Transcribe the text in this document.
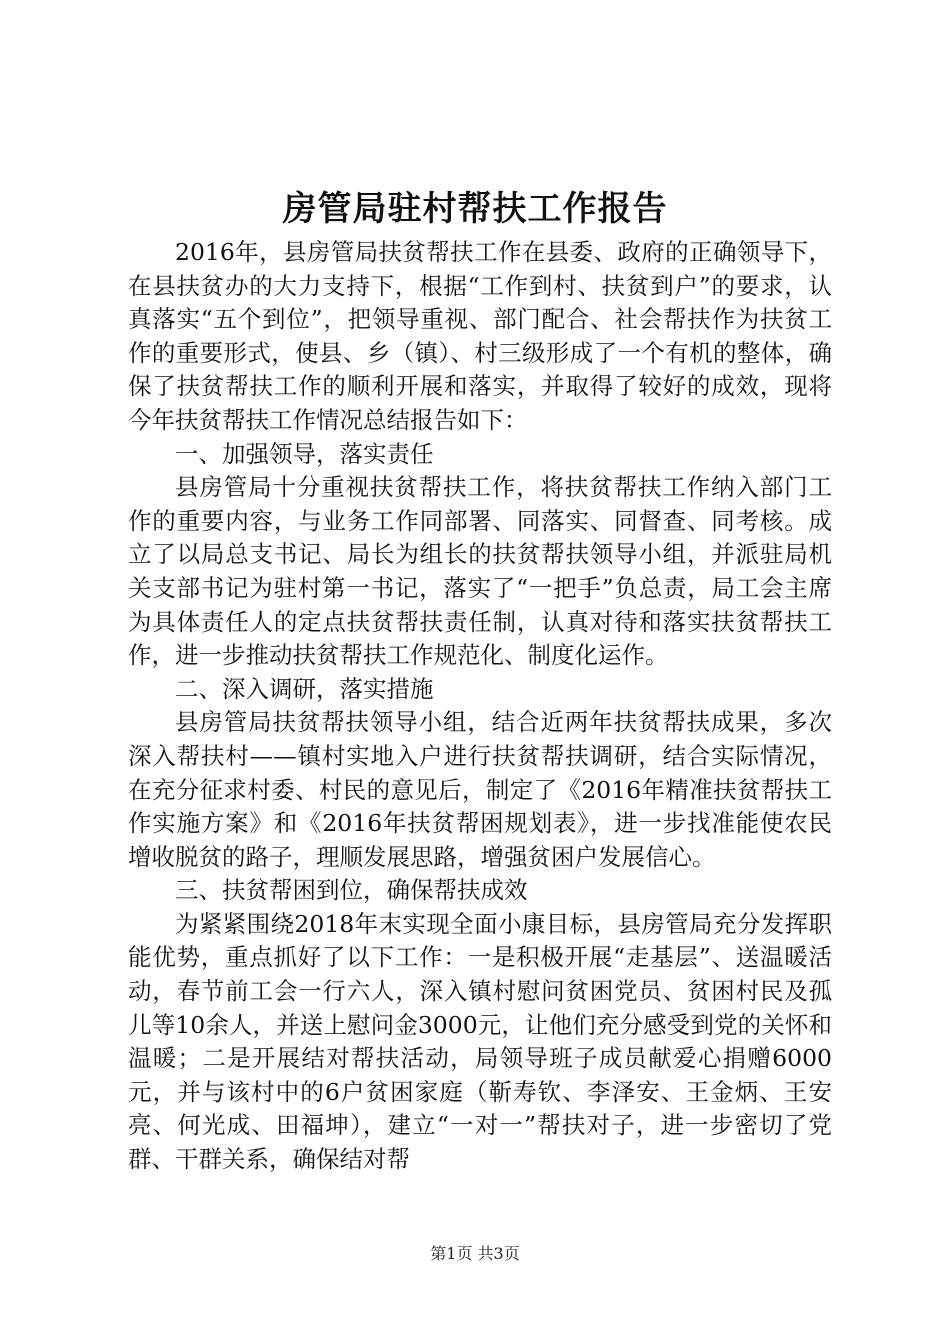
房管局驻村帮扶工作报告

2016年，县房管局扶贫帮扶工作在县委、政府的正确领导下，在县扶贫办的大力支持下，根据“工作到村、扶贫到户”的要求，认真落实“五个到位”，把领导重视、部门配合、社会帮扶作为扶贫工作的重要形式，使县、乡（镇）、村三级形成了一个有机的整体，确保了扶贫帮扶工作的顺利开展和落实，并取得了较好的成效，现将今年扶贫帮扶工作情况总结报告如下：

一、加强领导，落实责任

县房管局十分重视扶贫帮扶工作，将扶贫帮扶工作纳入部门工作的重要内容，与业务工作同部署、同落实、同督查、同考核。成立了以局总支书记、局长为组长的扶贫帮扶领导小组，并派驻局机关支部书记为驻村第一书记，落实了“一把手”负总责，局工会主席为具体责任人的定点扶贫帮扶责任制，认真对待和落实扶贫帮扶工作，进一步推动扶贫帮扶工作规范化、制度化运作。

二、深入调研，落实措施

县房管局扶贫帮扶领导小组，结合近两年扶贫帮扶成果，多次深入帮扶村——镇村实地入户进行扶贫帮扶调研，结合实际情况，在充分征求村委、村民的意见后，制定了《2016年精准扶贫帮扶工作实施方案》和《2016年扶贫帮困规划表》，进一步找准能使农民增收脱贫的路子，理顺发展思路，增强贫困户发展信心。

三、扶贫帮困到位，确保帮扶成效

为紧紧围绕2018年末实现全面小康目标，县房管局充分发挥职能优势，重点抓好了以下工作：一是积极开展“走基层”、送温暖活动，春节前工会一行六人，深入镇村慰问贫困党员、贫困村民及孤儿等10余人，并送上慰问金3000元，让他们充分感受到党的关怀和温暖；二是开展结对帮扶活动，局领导班子成员献爱心捐赠6000元，并与该村中的6户贫困家庭（靳寿钦、李泽安、王金炳、王安亮、何光成、田福坤），建立“一对一”帮扶对子，进一步密切了党群、干群关系，确保结对帮

第1页 共3页
